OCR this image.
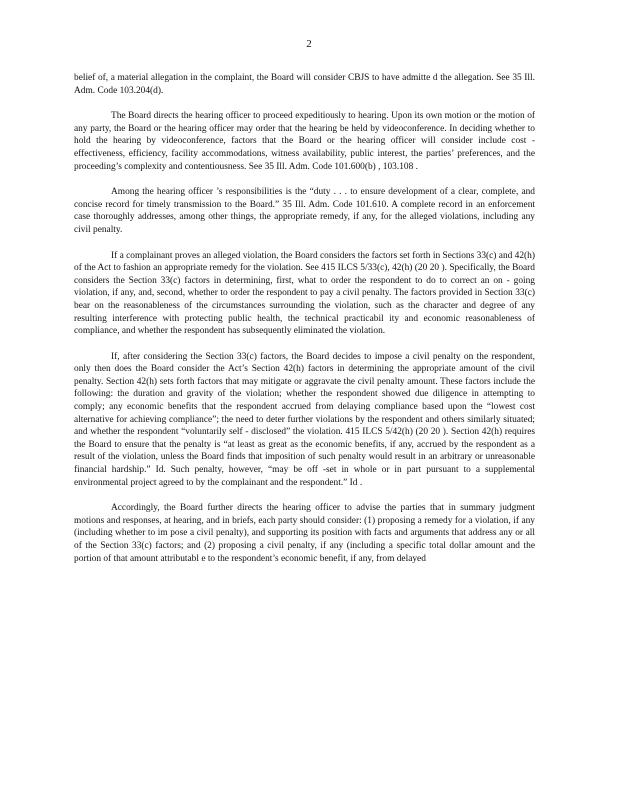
2

belief of, a material allegation in the complaint, the Board will consider CBJS to have admitte d the allegation. See 35 Ill. Adm. Code 103.204(d).

The Board directs the hearing officer to proceed expeditiously to hearing. Upon its own motion or the motion of any party, the Board or the hearing officer may order that the hearing be held by videoconference. In deciding whether to hold the hearing by videoconference, factors that the Board or the hearing officer will consider include cost - effectiveness, efficiency, facility accommodations, witness availability, public interest, the parties’ preferences, and the proceeding’s complexity and contentiousness. See 35 Ill. Adm. Code 101.600(b) , 103.108 .

Among the hearing officer ’s responsibilities is the “duty . . . to ensure development of a clear, complete, and concise record for timely transmission to the Board.” 35 Ill. Adm. Code 101.610. A complete record in an enforcement case thoroughly addresses, among other things, the appropriate remedy, if any, for the alleged violations, including any civil penalty.

If a complainant proves an alleged violation, the Board considers the factors set forth in Sections 33(c) and 42(h) of the Act to fashion an appropriate remedy for the violation. See 415 ILCS 5/33(c), 42(h) (20 20 ). Specifically, the Board considers the Section 33(c) factors in determining, first, what to order the respondent to do to correct an on - going violation, if any, and, second, whether to order the respondent to pay a civil penalty. The factors provided in Section 33(c) bear on the reasonableness of the circumstances surrounding the violation, such as the character and degree of any resulting interference with protecting public health, the technical practicabil ity and economic reasonableness of compliance, and whether the respondent has subsequently eliminated the violation.

If, after considering the Section 33(c) factors, the Board decides to impose a civil penalty on the respondent, only then does the Board consider the Act’s Section 42(h) factors in determining the appropriate amount of the civil penalty. Section 42(h) sets forth factors that may mitigate or aggravate the civil penalty amount. These factors include the following: the duration and gravity of the violation; whether the respondent showed due diligence in attempting to comply; any economic benefits that the respondent accrued from delaying compliance based upon the “lowest cost alternative for achieving compliance”; the need to deter further violations by the respondent and others similarly situated; and whether the respondent “voluntarily self - disclosed” the violation. 415 ILCS 5/42(h) (20 20 ). Section 42(h) requires the Board to ensure that the penalty is “at least as great as the economic benefits, if any, accrued by the respondent as a result of the violation, unless the Board finds that imposition of such penalty would result in an arbitrary or unreasonable financial hardship.” Id. Such penalty, however, “may be off -set in whole or in part pursuant to a supplemental environmental project agreed to by the complainant and the respondent.” Id .

Accordingly, the Board further directs the hearing officer to advise the parties that in summary judgment motions and responses, at hearing, and in briefs, each party should consider: (1) proposing a remedy for a violation, if any (including whether to im pose a civil penalty), and supporting its position with facts and arguments that address any or all of the Section 33(c) factors; and (2) proposing a civil penalty, if any (including a specific total dollar amount and the portion of that amount attributabl e to the respondent’s economic benefit, if any, from delayed
